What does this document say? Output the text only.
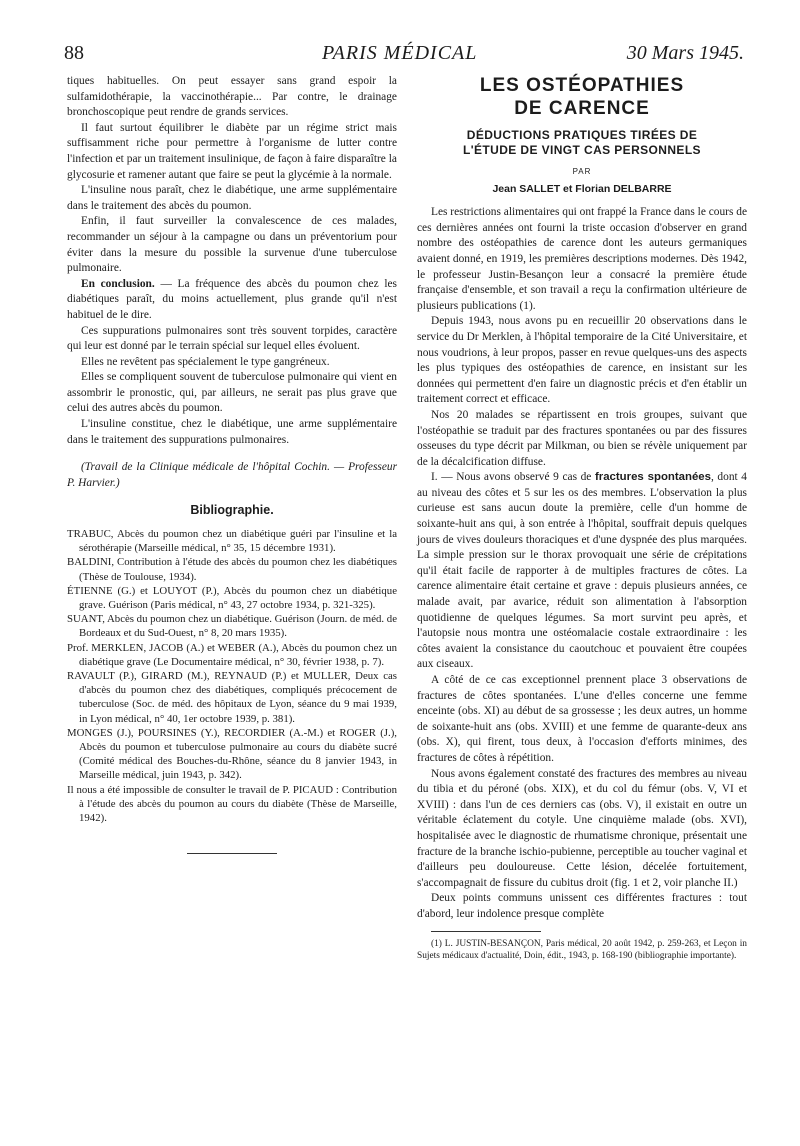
88	PARIS MÉDICAL	30 Mars 1945.

tiques habituelles. On peut essayer sans grand espoir la sulfamidothérapie, la vaccinothérapie... Par contre, le drainage bronchoscopique peut rendre de grands services.

Il faut surtout équilibrer le diabète par un régime strict mais suffisamment riche pour permettre à l'organisme de lutter contre l'infection et par un traitement insulinique, de façon à faire disparaître la glycosurie et ramener autant que faire se peut la glycémie à la normale.

L'insuline nous paraît, chez le diabétique, une arme supplémentaire dans le traitement des abcès du poumon.

Enfin, il faut surveiller la convalescence de ces malades, recommander un séjour à la campagne ou dans un préventorium pour éviter dans la mesure du possible la survenue d'une tuberculose pulmonaire.

En conclusion. — La fréquence des abcès du poumon chez les diabétiques paraît, du moins actuellement, plus grande qu'il n'est habituel de le dire.

Ces suppurations pulmonaires sont très souvent torpides, caractère qui leur est donné par le terrain spécial sur lequel elles évoluent.

Elles ne revêtent pas spécialement le type gangréneux.

Elles se compliquent souvent de tuberculose pulmonaire qui vient en assombrir le pronostic, qui, par ailleurs, ne serait pas plus grave que celui des autres abcès du poumon.

L'insuline constitue, chez le diabétique, une arme supplémentaire dans le traitement des suppurations pulmonaires.

(Travail de la Clinique médicale de l'hôpital Cochin. — Professeur P. Harvier.)

Bibliographie.

TRABUC, Abcès du poumon chez un diabétique guéri par l'insuline et la sérothérapie (Marseille médical, n° 35, 15 décembre 1931).

BALDINI, Contribution à l'étude des abcès du poumon chez les diabétiques (Thèse de Toulouse, 1934).

ÉTIENNE (G.) et LOUYOT (P.), Abcès du poumon chez un diabétique grave. Guérison (Paris médical, n° 43, 27 octobre 1934, p. 321-325).

SUANT, Abcès du poumon chez un diabétique. Guérison (Journ. de méd. de Bordeaux et du Sud-Ouest, n° 8, 20 mars 1935).

Prof. MERKLEN, JACOB (A.) et WEBER (A.), Abcès du poumon chez un diabétique grave (Le Documentaire médical, n° 30, février 1938, p. 7).

RAVAULT (P.), GIRARD (M.), REYNAUD (P.) et MULLER, Deux cas d'abcès du poumon chez des diabétiques, compliqués précocement de tuberculose (Soc. de méd. des hôpitaux de Lyon, séance du 9 mai 1939, in Lyon médical, n° 40, 1er octobre 1939, p. 381).

MONGES (J.), POURSINES (Y.), RECORDIER (A.-M.) et ROGER (J.), Abcès du poumon et tuberculose pulmonaire au cours du diabète sucré (Comité médical des Bouches-du-Rhône, séance du 8 janvier 1943, in Marseille médical, juin 1943, p. 342).

Il nous a été impossible de consulter le travail de P. PICAUD : Contribution à l'étude des abcès du poumon au cours du diabète (Thèse de Marseille, 1942).

LES OSTÉOPATHIES
DE CARENCE
DÉDUCTIONS PRATIQUES TIRÉES DE
L'ÉTUDE DE VINGT CAS PERSONNELS
PAR
Jean SALLET et Florian DELBARRE

Les restrictions alimentaires qui ont frappé la France dans le cours de ces dernières années ont fourni la triste occasion d'observer en grand nombre des ostéopathies de carence dont les auteurs germaniques avaient donné, en 1919, les premières descriptions modernes. Dès 1942, le professeur Justin-Besançon leur a consacré la première étude française d'ensemble, et son travail a reçu la confirmation ultérieure de plusieurs publications (1).

Depuis 1943, nous avons pu en recueillir 20 observations dans le service du Dr Merklen, à l'hôpital temporaire de la Cité Universitaire, et nous voudrions, à leur propos, passer en revue quelques-uns des aspects les plus typiques des ostéopathies de carence, en insistant sur les données qui permettent d'en faire un diagnostic précis et d'en établir un traitement correct et efficace.

Nos 20 malades se répartissent en trois groupes, suivant que l'ostéopathie se traduit par des fractures spontanées ou par des fissures osseuses du type décrit par Milkman, ou bien se révèle uniquement par de la décalcification diffuse.

I. — Nous avons observé 9 cas de fractures spontanées, dont 4 au niveau des côtes et 5 sur les os des membres. L'observation la plus curieuse est sans aucun doute la première, celle d'un homme de soixante-huit ans qui, à son entrée à l'hôpital, souffrait depuis quelques jours de vives douleurs thoraciques et d'une dyspnée des plus marquées. La simple pression sur le thorax provoquait une série de crépitations qu'il était facile de rapporter à de multiples fractures de côtes. La carence alimentaire était certaine et grave : depuis plusieurs années, ce malade avait, par avarice, réduit son alimentation à l'absorption quotidienne de quelques légumes. Sa mort survint peu après, et l'autopsie nous montra une ostéomalacie costale extraordinaire : les côtes avaient la consistance du caoutchouc et pouvaient être coupées aux ciseaux.

A côté de ce cas exceptionnel prennent place 3 observations de fractures de côtes spontanées. L'une d'elles concerne une femme enceinte (obs. XI) au début de sa grossesse ; les deux autres, un homme de soixante-huit ans (obs. XVIII) et une femme de quarante-deux ans (obs. X), qui firent, tous deux, à l'occasion d'efforts minimes, des fractures de côtes à répétition.

Nous avons également constaté des fractures des membres au niveau du tibia et du péroné (obs. XIX), et du col du fémur (obs. V, VI et XVIII) : dans l'un de ces derniers cas (obs. V), il existait en outre un véritable éclatement du cotyle. Une cinquième malade (obs. XVI), hospitalisée avec le diagnostic de rhumatisme chronique, présentait une fracture de la branche ischio-pubienne, perceptible au toucher vaginal et d'ailleurs peu douloureuse. Cette lésion, décelée fortuitement, s'accompagnait de fissure du cubitus droit (fig. 1 et 2, voir planche II.)

Deux points communs unissent ces différentes fractures : tout d'abord, leur indolence presque complète

(1) L. JUSTIN-BESANÇON, Paris médical, 20 août 1942, p. 259-263, et Leçon in Sujets médicaux d'actualité, Doin, édit., 1943, p. 168-190 (bibliographie importante).
